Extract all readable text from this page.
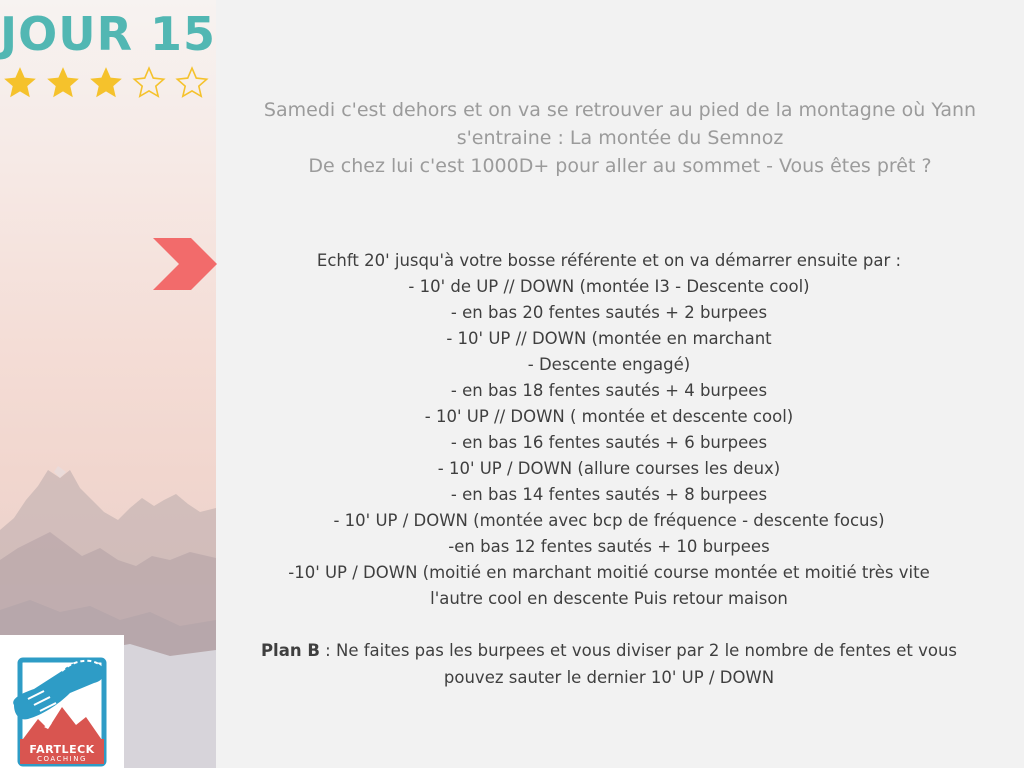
JOUR 15
Samedi c'est dehors et on va se retrouver au pied de la montagne où Yann
s'entraine : La montée du Semnoz
De chez lui c'est 1000D+ pour aller au sommet - Vous êtes prêt ?
Echft 20' jusqu'à votre bosse référente et on va démarrer ensuite par :
- 10' de UP // DOWN (montée I3 - Descente cool)
- en bas 20 fentes sautés + 2 burpees
- 10' UP // DOWN (montée en marchant
- Descente engagé)
- en bas 18 fentes sautés + 4 burpees
- 10' UP // DOWN ( montée et descente cool)
- en bas 16 fentes sautés + 6 burpees
- 10' UP / DOWN (allure courses les deux)
- en bas 14 fentes sautés + 8 burpees
- 10' UP / DOWN (montée avec bcp de fréquence - descente focus)
-en bas 12 fentes sautés + 10 burpees
-10' UP / DOWN (moitié en marchant moitié course montée et moitié très vite
l'autre cool en descente Puis retour maison
Plan B : Ne faites pas les burpees et vous diviser par 2 le nombre de fentes et vous
pouvez sauter le dernier 10' UP / DOWN
FARTLECK
COACHING
